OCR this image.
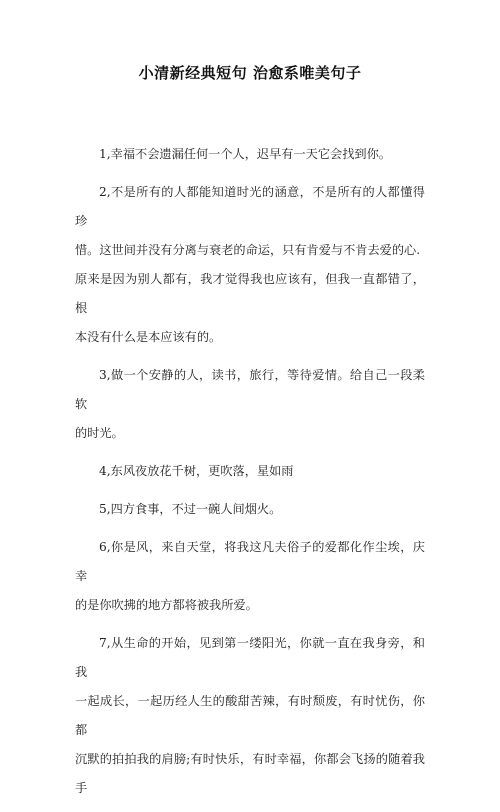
小清新经典短句 治愈系唯美句子

1,幸福不会遗漏任何一个人，迟早有一天它会找到你。

2,不是所有的人都能知道时光的涵意，不是所有的人都懂得珍
惜。这世间并没有分离与衰老的命运，只有肯爱与不肯去爱的心.
原来是因为别人都有，我才觉得我也应该有，但我一直都错了，根
本没有什么是本应该有的。

3,做一个安静的人，读书，旅行，等待爱情。给自己一段柔软
的时光。

4,东风夜放花千树，更吹落，星如雨

5,四方食事，不过一碗人间烟火。

6,你是风，来自天堂，将我这凡夫俗子的爱都化作尘埃，庆幸
的是你吹拂的地方都将被我所爱。

7,从生命的开始，见到第一缕阳光，你就一直在我身旁，和我
一起成长，一起历经人生的酸甜苦辣，有时颓废，有时忧伤，你都
沉默的拍拍我的肩膀;有时快乐，有时幸福，你都会飞扬的随着我手
